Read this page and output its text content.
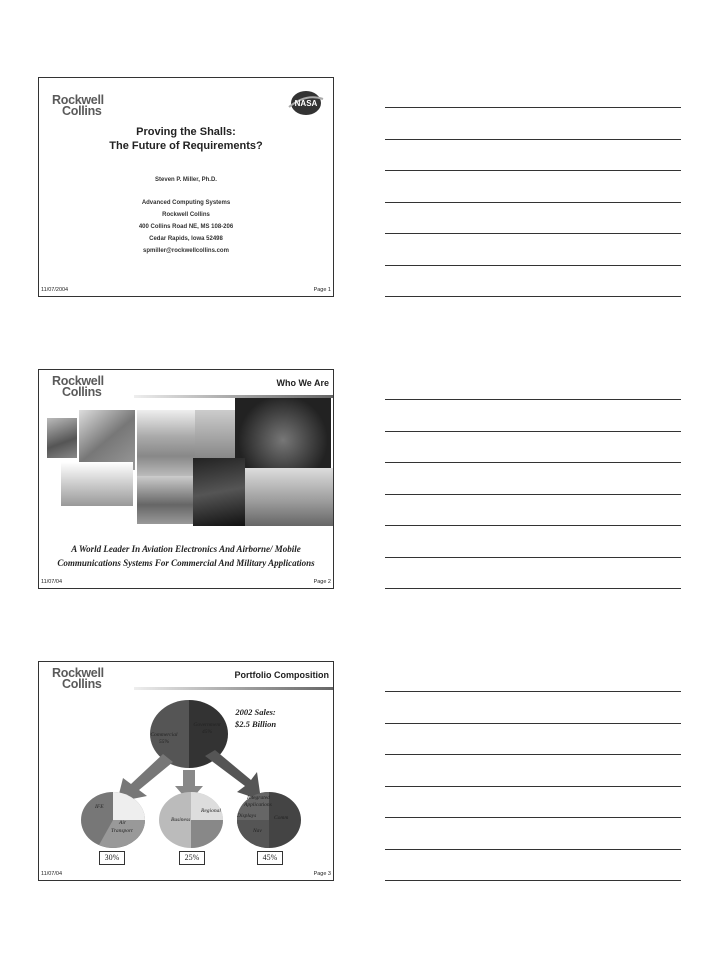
Rockwell
Collins
NASA
Proving the Shalls:
The Future of Requirements?
Steven P. Miller, Ph.D.
Advanced Computing Systems
Rockwell Collins
400 Collins Road NE, MS 108-206
Cedar Rapids, Iowa 52498
spmiller@rockwellcollins.com
11/07/2004	Page 1
Rockwell
Collins
Who We Are
A World Leader In Aviation Electronics And Airborne/ Mobile
Communications Systems For Commercial And Military Applications
11/07/04	Page 2
Rockwell
Collins
Portfolio Composition
Government
45%
Commercial
55%
IFE
Air
Transport
Regional
Business
Integrated
Applications
Displays	Comm
Nav
2002 Sales:
$2.5 Billion
30%	25%	45%
11/07/04	Page 3
